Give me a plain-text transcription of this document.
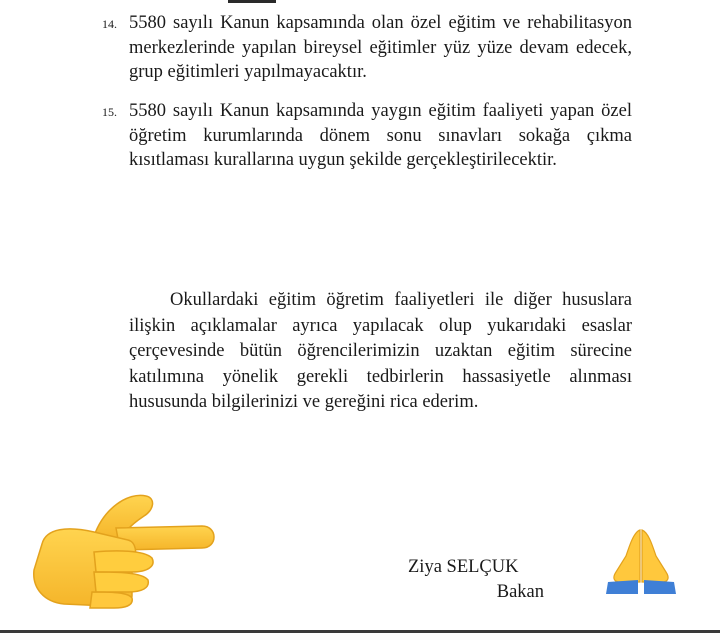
14. 5580 sayılı Kanun kapsamında olan özel eğitim ve rehabilitasyon merkezlerinde yapılan bireysel eğitimler yüz yüze devam edecek, grup eğitimleri yapılmayacaktır.
15. 5580 sayılı Kanun kapsamında yaygın eğitim faaliyeti yapan özel öğretim kurumlarında dönem sonu sınavları sokağa çıkma kısıtlaması kurallarına uygun şekilde gerçekleştirilecektir.

Okullardaki eğitim öğretim faaliyetleri ile diğer hususlara ilişkin açıklamalar ayrıca yapılacak olup yukarıdaki esaslar çerçevesinde bütün öğrencilerimizin uzaktan eğitim sürecine katılımına yönelik gerekli tedbirlerin hassasiyetle alınması hususunda bilgilerinizi ve gereğini rica ederim.

Ziya SELÇUK
Bakan
